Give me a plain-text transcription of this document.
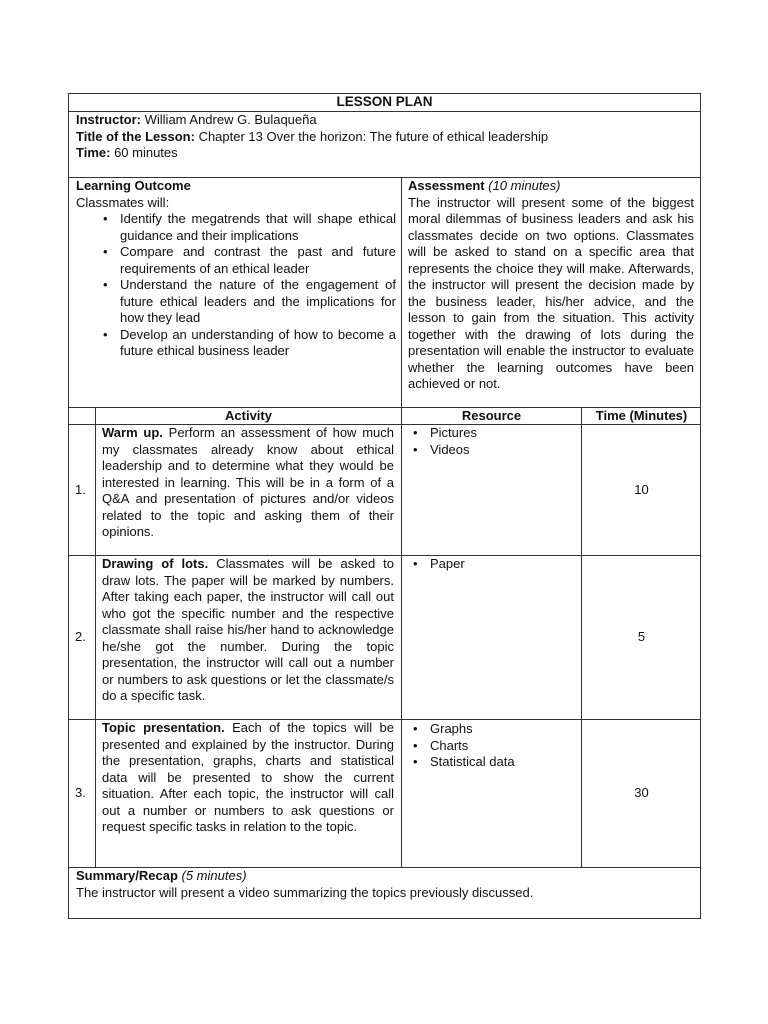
LESSON PLAN
Instructor: William Andrew G. Bulaqueña
Title of the Lesson: Chapter 13 Over the horizon: The future of ethical leadership
Time: 60 minutes
Learning Outcome
Classmates will:
• Identify the megatrends that will shape ethical guidance and their implications
• Compare and contrast the past and future requirements of an ethical leader
• Understand the nature of the engagement of future ethical leaders and the implications for how they lead
• Develop an understanding of how to become a future ethical business leader
Assessment (10 minutes)
The instructor will present some of the biggest moral dilemmas of business leaders and ask his classmates decide on two options. Classmates will be asked to stand on a specific area that represents the choice they will make. Afterwards, the instructor will present the decision made by the business leader, his/her advice, and the lesson to gain from the situation. This activity together with the drawing of lots during the presentation will enable the instructor to evaluate whether the learning outcomes have been achieved or not.
Activity	Resource	Time (Minutes)
1.
Warm up. Perform an assessment of how much my classmates already know about ethical leadership and to determine what they would be interested in learning. This will be in a form of a Q&A and presentation of pictures and/or videos related to the topic and asking them of their opinions.
• Pictures
• Videos
10
2.
Drawing of lots. Classmates will be asked to draw lots. The paper will be marked by numbers. After taking each paper, the instructor will call out who got the specific number and the respective classmate shall raise his/her hand to acknowledge he/she got the number. During the topic presentation, the instructor will call out a number or numbers to ask questions or let the classmate/s do a specific task.
• Paper
5
3.
Topic presentation. Each of the topics will be presented and explained by the instructor. During the presentation, graphs, charts and statistical data will be presented to show the current situation. After each topic, the instructor will call out a number or numbers to ask questions or request specific tasks in relation to the topic.
• Graphs
• Charts
• Statistical data
30
Summary/Recap (5 minutes)
The instructor will present a video summarizing the topics previously discussed.
